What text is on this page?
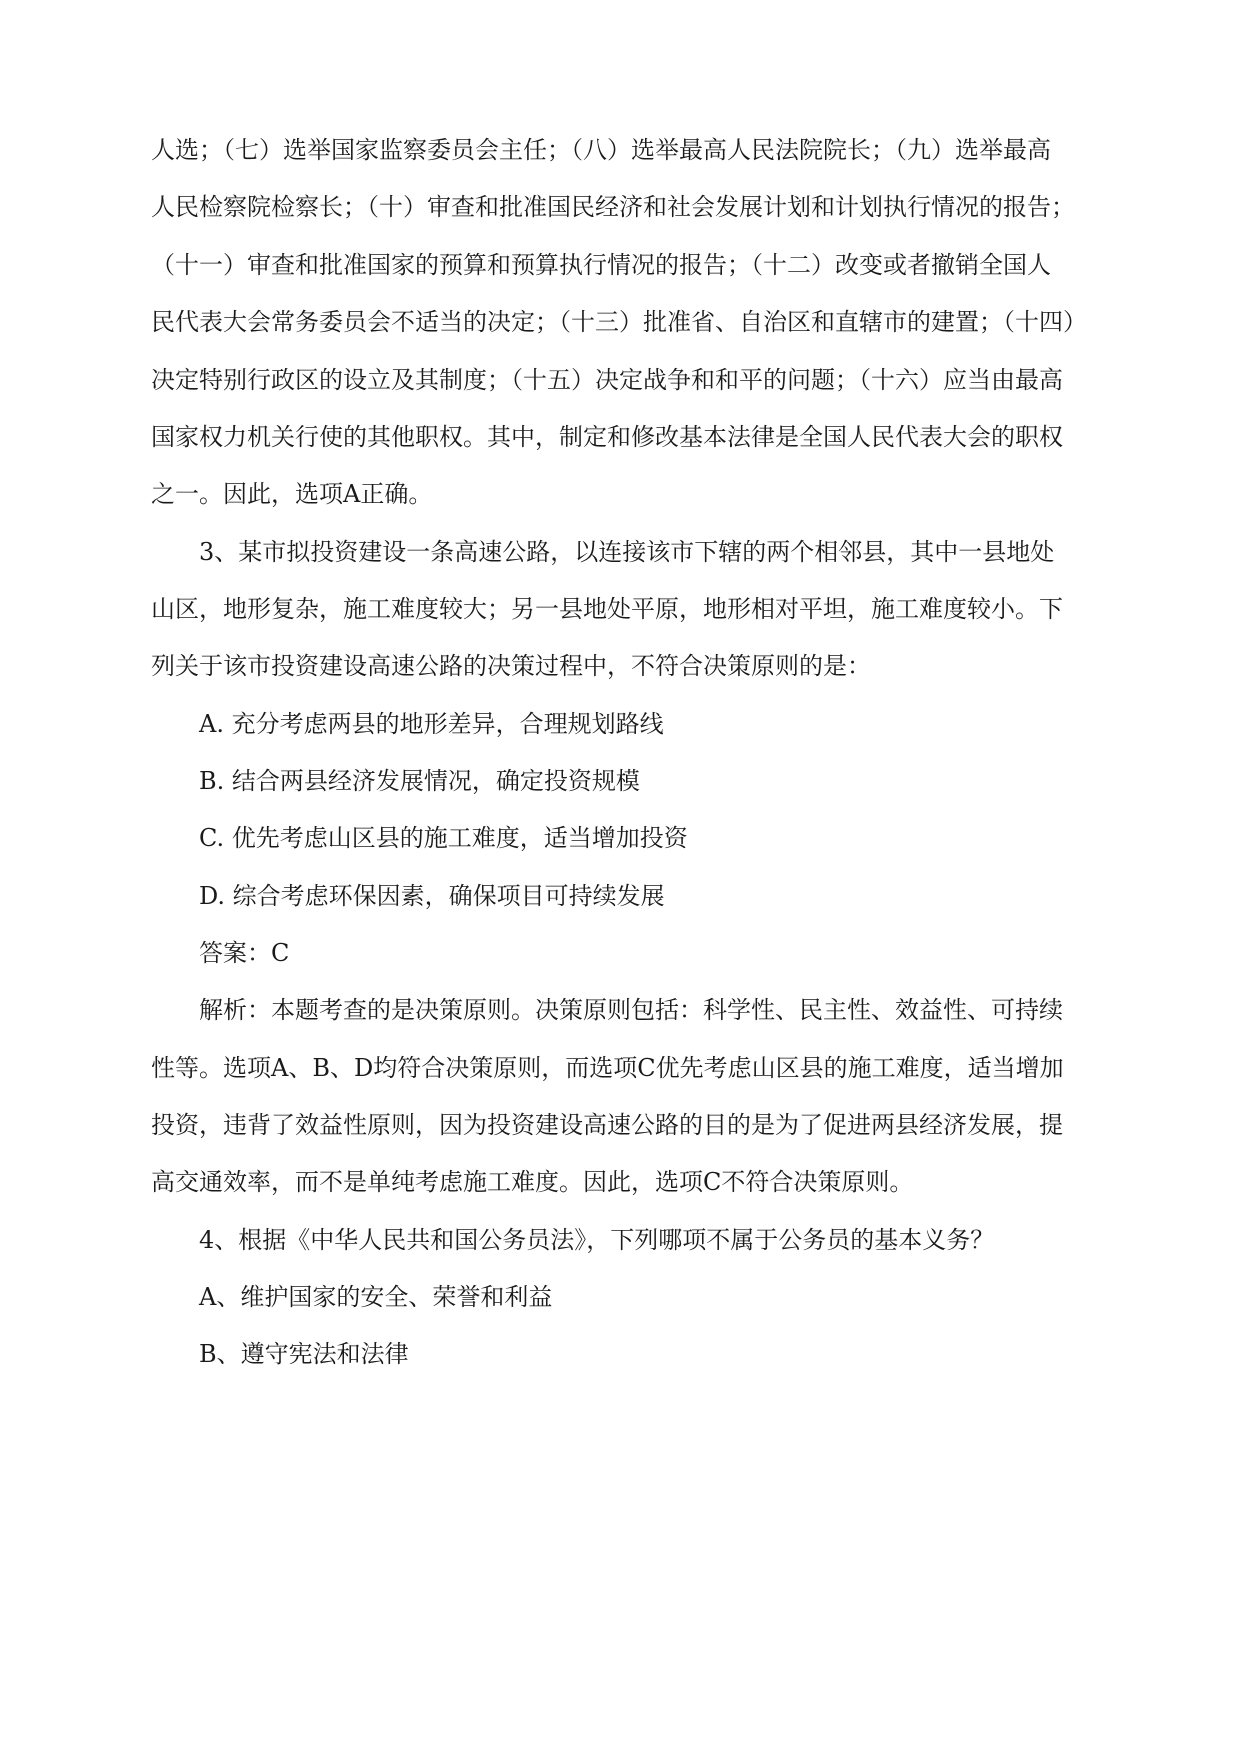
人选；（七）选举国家监察委员会主任；（八）选举最高人民法院院长；（九）选举最高
人民检察院检察长；（十）审查和批准国民经济和社会发展计划和计划执行情况的报告；
（十一）审查和批准国家的预算和预算执行情况的报告；（十二）改变或者撤销全国人
民代表大会常务委员会不适当的决定；（十三）批准省、自治区和直辖市的建置；（十四）
决定特别行政区的设立及其制度；（十五）决定战争和和平的问题；（十六）应当由最高
国家权力机关行使的其他职权。其中，制定和修改基本法律是全国人民代表大会的职权
之一。因此，选项A正确。
3、某市拟投资建设一条高速公路，以连接该市下辖的两个相邻县，其中一县地处
山区，地形复杂，施工难度较大；另一县地处平原，地形相对平坦，施工难度较小。下
列关于该市投资建设高速公路的决策过程中，不符合决策原则的是：
A. 充分考虑两县的地形差异，合理规划路线
B. 结合两县经济发展情况，确定投资规模
C. 优先考虑山区县的施工难度，适当增加投资
D. 综合考虑环保因素，确保项目可持续发展
答案：C
解析：本题考查的是决策原则。决策原则包括：科学性、民主性、效益性、可持续
性等。选项A、B、D均符合决策原则，而选项C优先考虑山区县的施工难度，适当增加
投资，违背了效益性原则，因为投资建设高速公路的目的是为了促进两县经济发展，提
高交通效率，而不是单纯考虑施工难度。因此，选项C不符合决策原则。
4、根据《中华人民共和国公务员法》，下列哪项不属于公务员的基本义务？
A、维护国家的安全、荣誉和利益
B、遵守宪法和法律
